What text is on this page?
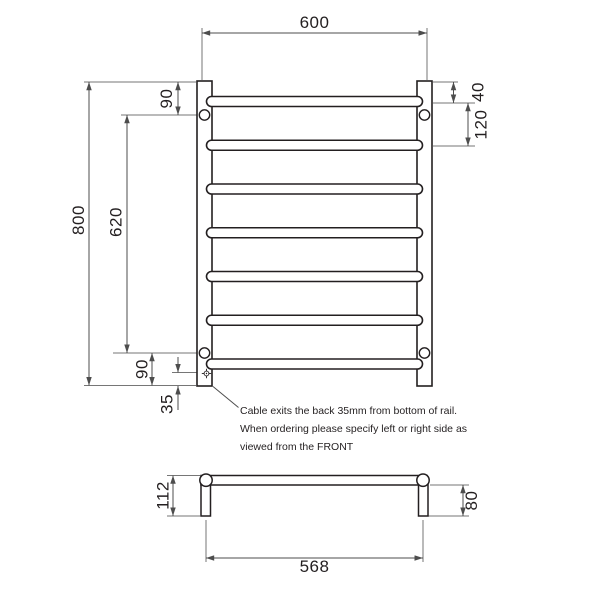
600
800 620
90
90
35
40
120
Cable exits the back 35mm from bottom of rail.
When ordering please specify left or right side as
viewed from the FRONT
112	80
568
